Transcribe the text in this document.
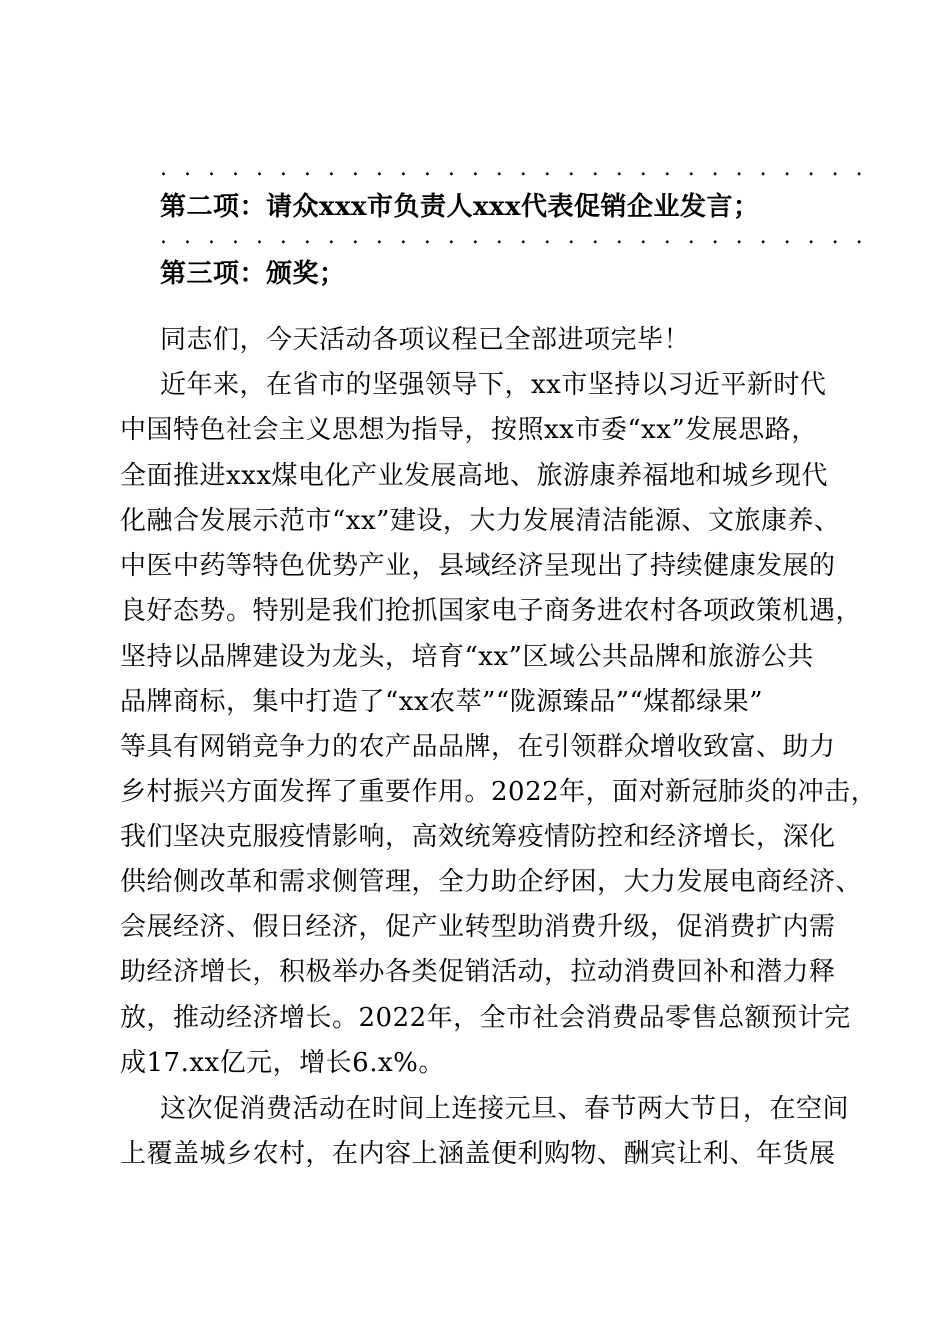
. . . . . . . . . . . . . . . . . . . . . . . . . . . . . .
第二项：请众xxx市负责人xxx代表促销企业发言；
. . . . . . . . . . . . . . . . . . . . . . . . . . . . . .
第三项：颁奖；
同志们，今天活动各项议程已全部进项完毕！
近年来，在省市的坚强领导下，xx市坚持以习近平新时代
中国特色社会主义思想为指导，按照xx市委“xx”发展思路，
全面推进xxx煤电化产业发展高地、旅游康养福地和城乡现代
化融合发展示范市“xx”建设，大力发展清洁能源、文旅康养、
中医中药等特色优势产业，县域经济呈现出了持续健康发展的
良好态势。特别是我们抢抓国家电子商务进农村各项政策机遇，
坚持以品牌建设为龙头，培育“xx”区域公共品牌和旅游公共
品牌商标，集中打造了“xx农萃”“陇源臻品”“煤都绿果”
等具有网销竞争力的农产品品牌，在引领群众增收致富、助力
乡村振兴方面发挥了重要作用。2022年，面对新冠肺炎的冲击，
我们坚决克服疫情影响，高效统筹疫情防控和经济增长，深化
供给侧改革和需求侧管理，全力助企纾困，大力发展电商经济、
会展经济、假日经济，促产业转型助消费升级，促消费扩内需
助经济增长，积极举办各类促销活动，拉动消费回补和潜力释
放，推动经济增长。2022年，全市社会消费品零售总额预计完
成17.xx亿元，增长6.x%。
这次促消费活动在时间上连接元旦、春节两大节日，在空间
上覆盖城乡农村，在内容上涵盖便利购物、酬宾让利、年货展
